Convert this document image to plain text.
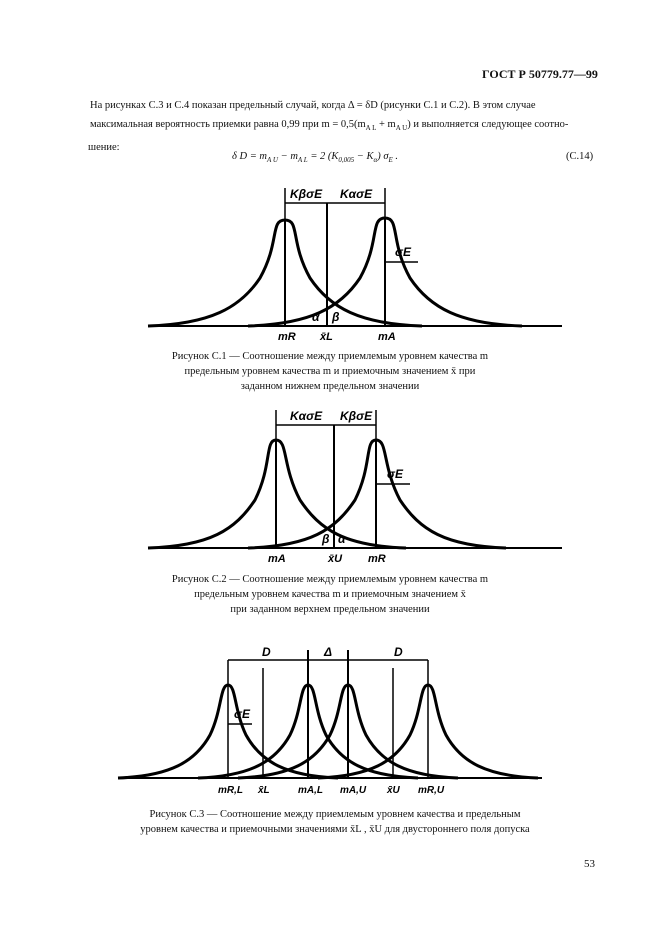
ГОСТ Р 50779.77—99
На рисунках С.3 и С.4 показан предельный случай, когда Δ = δD (рисунки С.1 и С.2). В этом случае
максимальная вероятность приемки равна 0,99 при $m = 0,5(m_{A L} + m_{A U})$ и выполняется следующее соотно-
шение:
δ $D = m_{A U} - m_{A L} = 2$ $(K_{0,005} - K_\alpha)$ $\sigma_E$ .	(С.14)
KβσE KασE
σE
α β
mR x̄L	mA
Рисунок С.1 — Соотношение между приемлемым уровнем качества m
предельным уровнем качества m и приемочным значением x̄ при
заданном нижнем предельном значении
KασE KβσE
σE
β α
mA	x̄U mR
Рисунок С.2 — Соотношение между приемлемым уровнем качества m
предельным уровнем качества m и приемочным значением x̄
при заданном верхнем предельном значении
D	Δ	D
σE
mR,L x̄L	mA,L mA,U x̄U mR,U
Рисунок С.3 — Соотношение между приемлемым уровнем качества и предельным
уровнем качества и приемочными значениями x̄L , x̄U для двустороннего поля допуска
53
